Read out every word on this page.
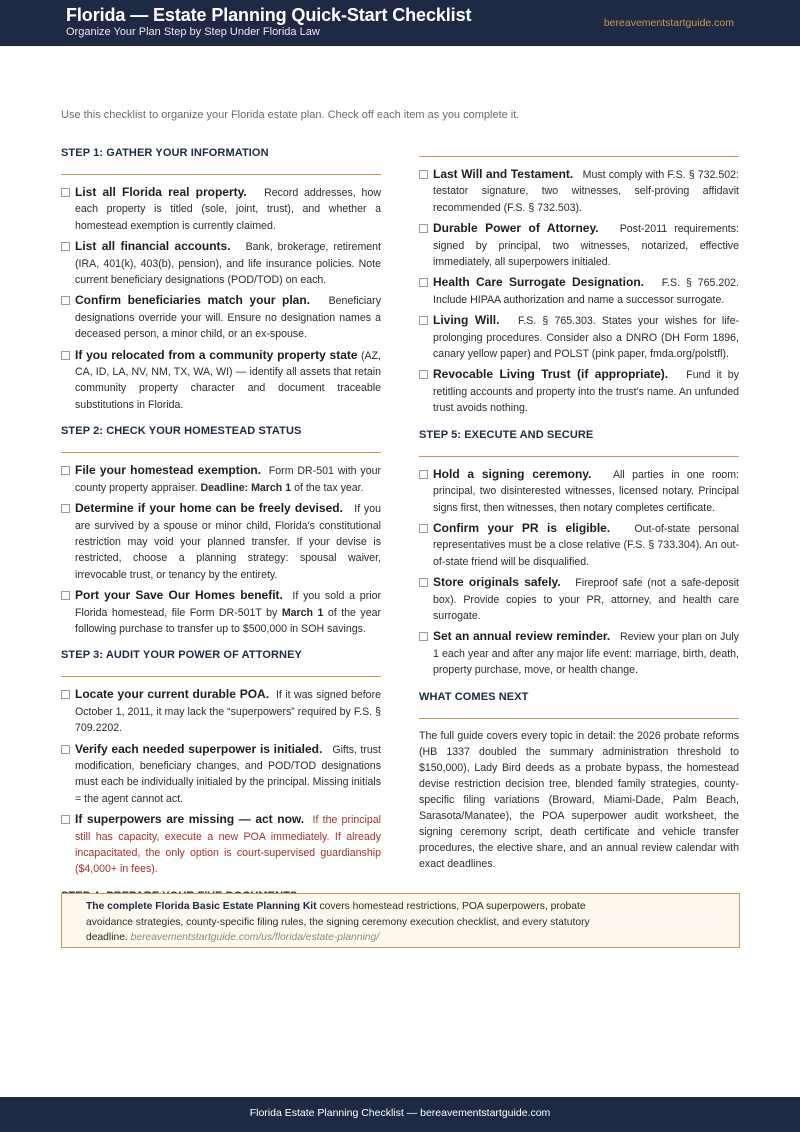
Florida — Estate Planning Quick-Start Checklist
Organize Your Plan Step by Step Under Florida Law
bereavementstartguide.com
Use this checklist to organize your Florida estate plan. Check off each item as you complete it.
STEP 1: GATHER YOUR INFORMATION
List all Florida real property. Record addresses, how each property is titled (sole, joint, trust), and whether a homestead exemption is currently claimed.
List all financial accounts. Bank, brokerage, retirement (IRA, 401(k), 403(b), pension), and life insurance policies. Note current beneficiary designations (POD/TOD) on each.
Confirm beneficiaries match your plan. Beneficiary designations override your will. Ensure no designation names a deceased person, a minor child, or an ex-spouse.
If you relocated from a community property state (AZ, CA, ID, LA, NV, NM, TX, WA, WI) — identify all assets that retain community property character and document traceable substitutions in Florida.
STEP 2: CHECK YOUR HOMESTEAD STATUS
File your homestead exemption. Form DR-501 with your county property appraiser. Deadline: March 1 of the tax year.
Determine if your home can be freely devised. If you are survived by a spouse or minor child, Florida’s constitutional restriction may void your planned transfer. If your devise is restricted, choose a planning strategy: spousal waiver, irrevocable trust, or tenancy by the entirety.
Port your Save Our Homes benefit. If you sold a prior Florida homestead, file Form DR-501T by March 1 of the year following purchase to transfer up to $500,000 in SOH savings.
STEP 3: AUDIT YOUR POWER OF ATTORNEY
Locate your current durable POA. If it was signed before October 1, 2011, it may lack the “superpowers” required by F.S. § 709.2202.
Verify each needed superpower is initialed. Gifts, trust modification, beneficiary changes, and POD/TOD designations must each be individually initialed by the principal. Missing initials = the agent cannot act.
If superpowers are missing — act now. If the principal still has capacity, execute a new POA immediately. If already incapacitated, the only option is court-supervised guardianship ($4,000+ in fees).
Last Will and Testament. Must comply with F.S. § 732.502: testator signature, two witnesses, self-proving affidavit recommended (F.S. § 732.503).
Durable Power of Attorney. Post-2011 requirements: signed by principal, two witnesses, notarized, effective immediately, all superpowers initialed.
Health Care Surrogate Designation. F.S. § 765.202. Include HIPAA authorization and name a successor surrogate.
Living Will. F.S. § 765.303. States your wishes for life-prolonging procedures. Consider also a DNRO (DH Form 1896, canary yellow paper) and POLST (pink paper, fmda.org/polstfl).
Revocable Living Trust (if appropriate). Fund it by retitling accounts and property into the trust’s name. An unfunded trust avoids nothing.
STEP 5: EXECUTE AND SECURE
Hold a signing ceremony. All parties in one room: principal, two disinterested witnesses, licensed notary. Principal signs first, then witnesses, then notary completes certificate.
Confirm your PR is eligible. Out-of-state personal representatives must be a close relative (F.S. § 733.304). An out-of-state friend will be disqualified.
Store originals safely. Fireproof safe (not a safe-deposit box). Provide copies to your PR, attorney, and health care surrogate.
Set an annual review reminder. Review your plan on July 1 each year and after any major life event: marriage, birth, death, property purchase, move, or health change.
WHAT COMES NEXT
The full guide covers every topic in detail: the 2026 probate reforms (HB 1337 doubled the summary administration threshold to $150,000), Lady Bird deeds as a probate bypass, the homestead devise restriction decision tree, blended family strategies, county-specific filing variations (Broward, Miami-Dade, Palm Beach, Sarasota/Manatee), the POA superpower audit worksheet, the signing ceremony script, death certificate and vehicle transfer procedures, the elective share, and an annual review calendar with exact deadlines.
The complete Florida Basic Estate Planning Kit covers homestead restrictions, POA superpowers, probate avoidance strategies, county-specific filing rules, the signing ceremony execution checklist, and every statutory deadline. bereavementstartguide.com/us/florida/estate-planning/
Florida Estate Planning Checklist — bereavementstartguide.com
